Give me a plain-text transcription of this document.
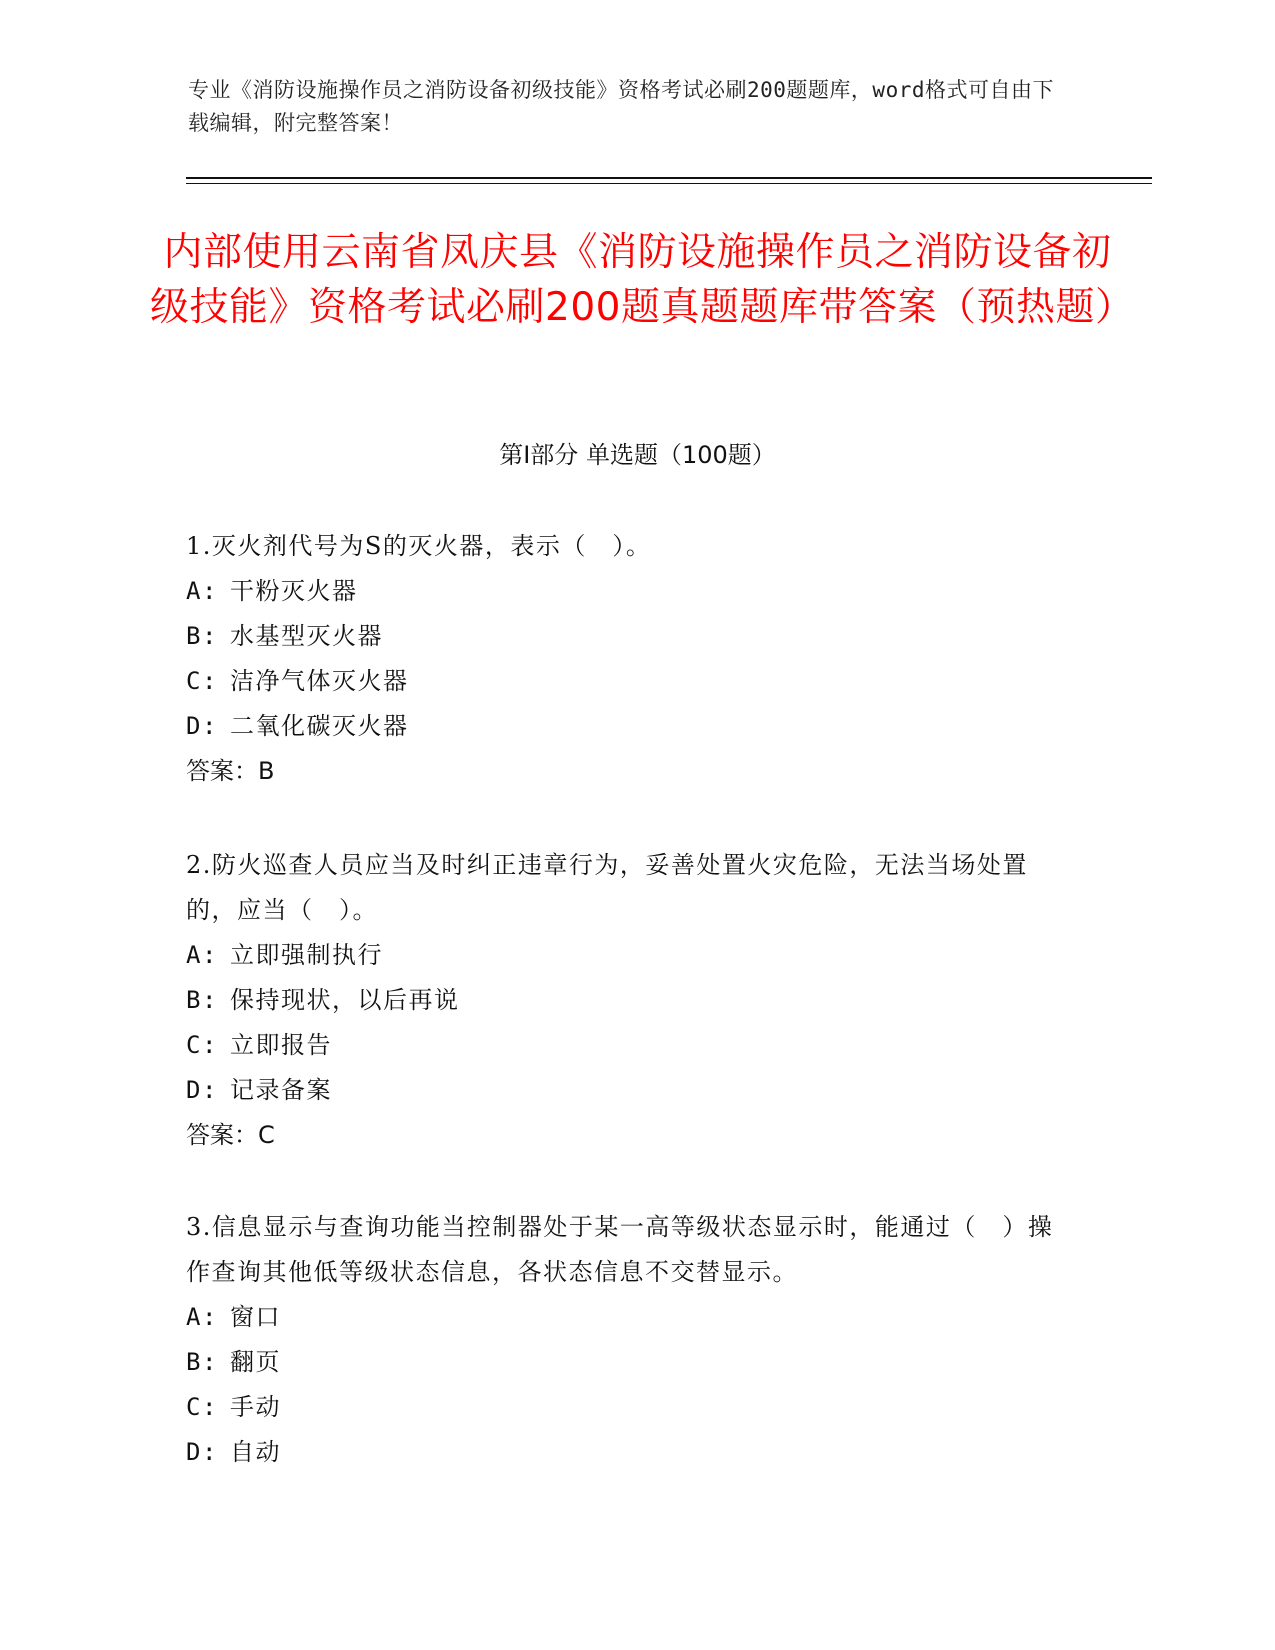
专业《消防设施操作员之消防设备初级技能》资格考试必刷200题题库，word格式可自由下载编辑，附完整答案！
内部使用云南省凤庆县《消防设施操作员之消防设备初级技能》资格考试必刷200题真题题库带答案（预热题）
第Ⅰ部分 单选题（100题）
1.灭火剂代号为S的灭火器，表示（　）。
A: 干粉灭火器
B: 水基型灭火器
C: 洁净气体灭火器
D: 二氧化碳灭火器
答案：B
2.防火巡查人员应当及时纠正违章行为，妥善处置火灾危险，无法当场处置的，应当（　）。
A: 立即强制执行
B: 保持现状，以后再说
C: 立即报告
D: 记录备案
答案：C
3.信息显示与查询功能当控制器处于某一高等级状态显示时，能通过（　）操作查询其他低等级状态信息，各状态信息不交替显示。
A: 窗口
B: 翻页
C: 手动
D: 自动
